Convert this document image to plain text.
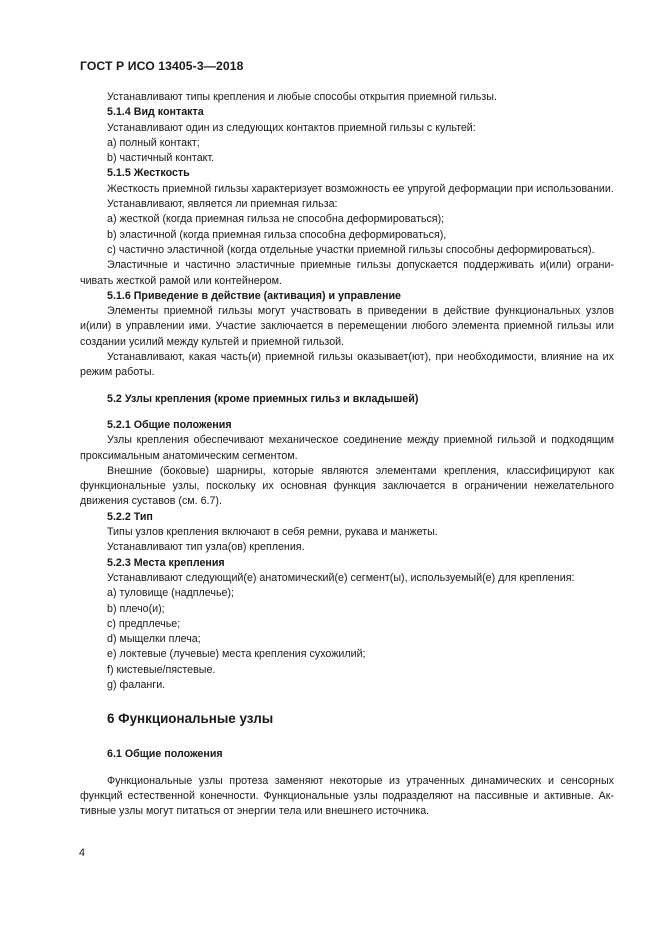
ГОСТ Р ИСО 13405-3—2018

Устанавливают типы крепления и любые способы открытия приемной гильзы.

5.1.4 Вид контакта

Устанавливают один из следующих контактов приемной гильзы с культей:

a) полный контакт;

b) частичный контакт.

5.1.5 Жесткость

Жесткость приемной гильзы характеризует возможность ее упругой деформации при использовании.

Устанавливают, является ли приемная гильза:

a) жесткой (когда приемная гильза не способна деформироваться);

b) эластичной (когда приемная гильза способна деформироваться),

c) частично эластичной (когда отдельные участки приемной гильзы способны деформироваться).

Эластичные и частично эластичные приемные гильзы допускается поддерживать и(или) ограничивать жесткой рамой или контейнером.

5.1.6 Приведение в действие (активация) и управление

Элементы приемной гильзы могут участвовать в приведении в действие функциональных узлов и(или) в управлении ими. Участие заключается в перемещении любого элемента приемной гильзы или создании усилий между культей и приемной гильзой.

Устанавливают, какая часть(и) приемной гильзы оказывает(ют), при необходимости, влияние на их режим работы.

5.2 Узлы крепления (кроме приемных гильз и вкладышей)

5.2.1 Общие положения

Узлы крепления обеспечивают механическое соединение между приемной гильзой и подходящим проксимальным анатомическим сегментом.

Внешние (боковые) шарниры, которые являются элементами крепления, классифицируют как функциональные узлы, поскольку их основная функция заключается в ограничении нежелательного движения суставов (см. 6.7).

5.2.2 Тип

Типы узлов крепления включают в себя ремни, рукава и манжеты.

Устанавливают тип узла(ов) крепления.

5.2.3 Места крепления

Устанавливают следующий(е) анатомический(е) сегмент(ы), используемый(е) для крепления:

a) туловище (надплечье);

b) плечо(и);

c) предплечье;

d) мыщелки плеча;

e) локтевые (лучевые) места крепления сухожилий;

f) кистевые/пястевые.

g) фаланги.

6 Функциональные узлы

6.1 Общие положения

Функциональные узлы протеза заменяют некоторые из утраченных динамических и сенсорных функций естественной конечности. Функциональные узлы подразделяют на пассивные и активные. Активные узлы могут питаться от энергии тела или внешнего источника.

4
